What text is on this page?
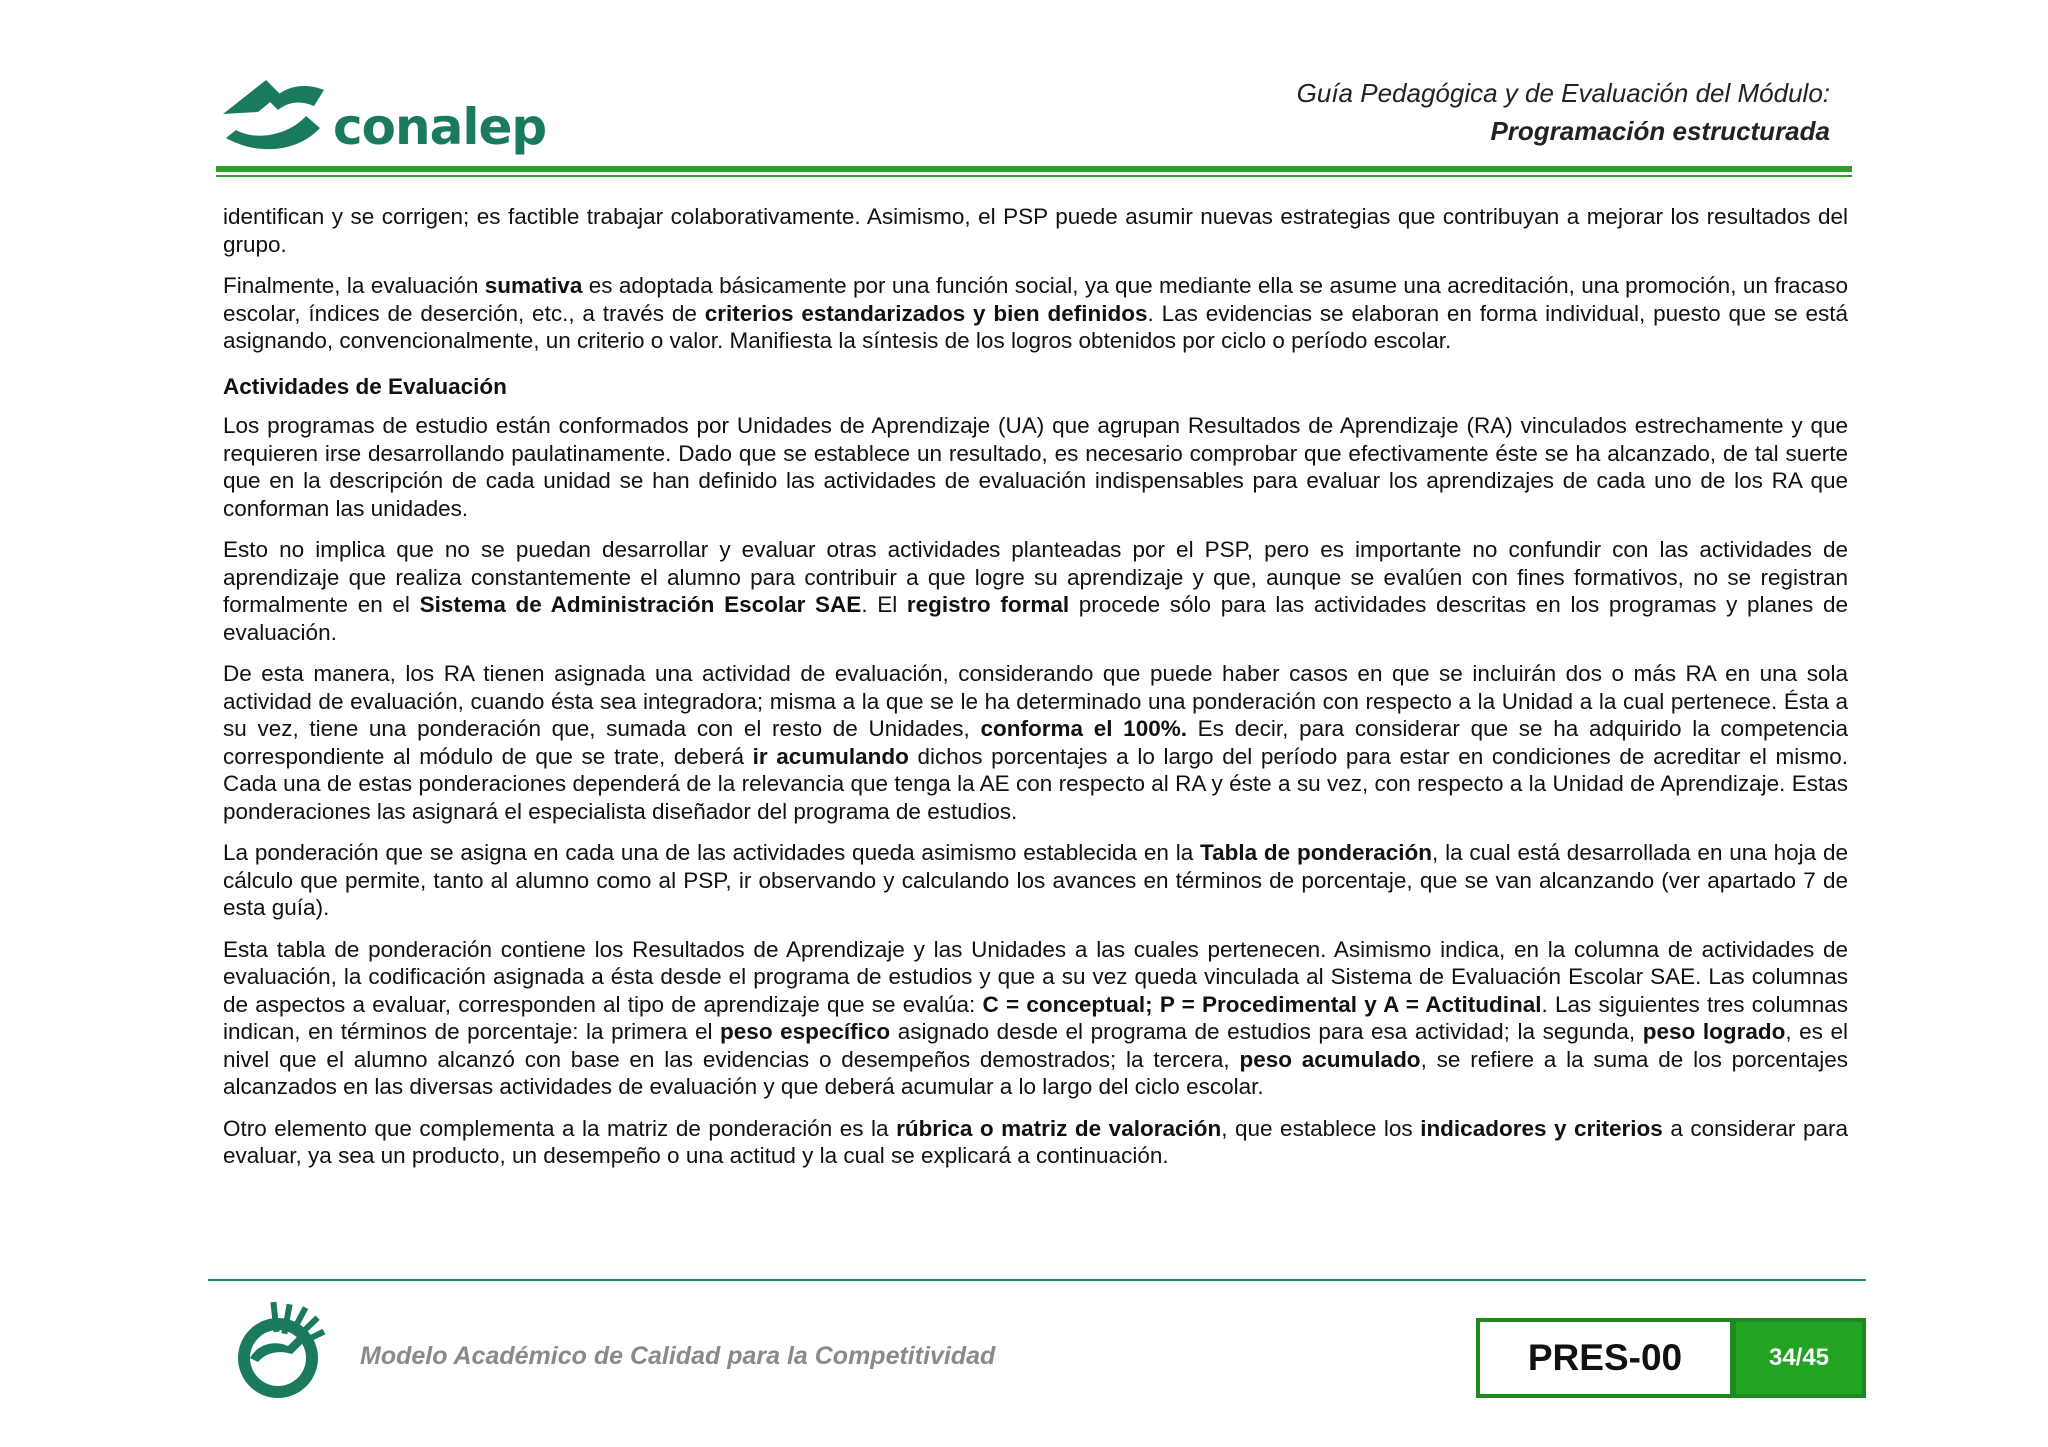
conalep
Guía Pedagógica y de Evaluación del Módulo:
Programación estructurada

identifican y se corrigen; es factible trabajar colaborativamente. Asimismo, el PSP puede asumir nuevas estrategias que contribuyan a mejorar los resultados del grupo.

Finalmente, la evaluación sumativa es adoptada básicamente por una función social, ya que mediante ella se asume una acreditación, una promoción, un fracaso escolar, índices de deserción, etc., a través de criterios estandarizados y bien definidos. Las evidencias se elaboran en forma individual, puesto que se está asignando, convencionalmente, un criterio o valor. Manifiesta la síntesis de los logros obtenidos por ciclo o período escolar.

Actividades de Evaluación

Los programas de estudio están conformados por Unidades de Aprendizaje (UA) que agrupan Resultados de Aprendizaje (RA) vinculados estrechamente y que requieren irse desarrollando paulatinamente. Dado que se establece un resultado, es necesario comprobar que efectivamente éste se ha alcanzado, de tal suerte que en la descripción de cada unidad se han definido las actividades de evaluación indispensables para evaluar los aprendizajes de cada uno de los RA que conforman las unidades.

Esto no implica que no se puedan desarrollar y evaluar otras actividades planteadas por el PSP, pero es importante no confundir con las actividades de aprendizaje que realiza constantemente el alumno para contribuir a que logre su aprendizaje y que, aunque se evalúen con fines formativos, no se registran formalmente en el Sistema de Administración Escolar SAE. El registro formal procede sólo para las actividades descritas en los programas y planes de evaluación.

De esta manera, los RA tienen asignada una actividad de evaluación, considerando que puede haber casos en que se incluirán dos o más RA en una sola actividad de evaluación, cuando ésta sea integradora; misma a la que se le ha determinado una ponderación con respecto a la Unidad a la cual pertenece. Ésta a su vez, tiene una ponderación que, sumada con el resto de Unidades, conforma el 100%. Es decir, para considerar que se ha adquirido la competencia correspondiente al módulo de que se trate, deberá ir acumulando dichos porcentajes a lo largo del período para estar en condiciones de acreditar el mismo. Cada una de estas ponderaciones dependerá de la relevancia que tenga la AE con respecto al RA y éste a su vez, con respecto a la Unidad de Aprendizaje. Estas ponderaciones las asignará el especialista diseñador del programa de estudios.

La ponderación que se asigna en cada una de las actividades queda asimismo establecida en la Tabla de ponderación, la cual está desarrollada en una hoja de cálculo que permite, tanto al alumno como al PSP, ir observando y calculando los avances en términos de porcentaje, que se van alcanzando (ver apartado 7 de esta guía).

Esta tabla de ponderación contiene los Resultados de Aprendizaje y las Unidades a las cuales pertenecen. Asimismo indica, en la columna de actividades de evaluación, la codificación asignada a ésta desde el programa de estudios y que a su vez queda vinculada al Sistema de Evaluación Escolar SAE. Las columnas de aspectos a evaluar, corresponden al tipo de aprendizaje que se evalúa: C = conceptual; P = Procedimental y A = Actitudinal. Las siguientes tres columnas indican, en términos de porcentaje: la primera el peso específico asignado desde el programa de estudios para esa actividad; la segunda, peso logrado, es el nivel que el alumno alcanzó con base en las evidencias o desempeños demostrados; la tercera, peso acumulado, se refiere a la suma de los porcentajes alcanzados en las diversas actividades de evaluación y que deberá acumular a lo largo del ciclo escolar.

Otro elemento que complementa a la matriz de ponderación es la rúbrica o matriz de valoración, que establece los indicadores y criterios a considerar para evaluar, ya sea un producto, un desempeño o una actitud y la cual se explicará a continuación.

Modelo Académico de Calidad para la Competitividad	PRES-00	34/45
